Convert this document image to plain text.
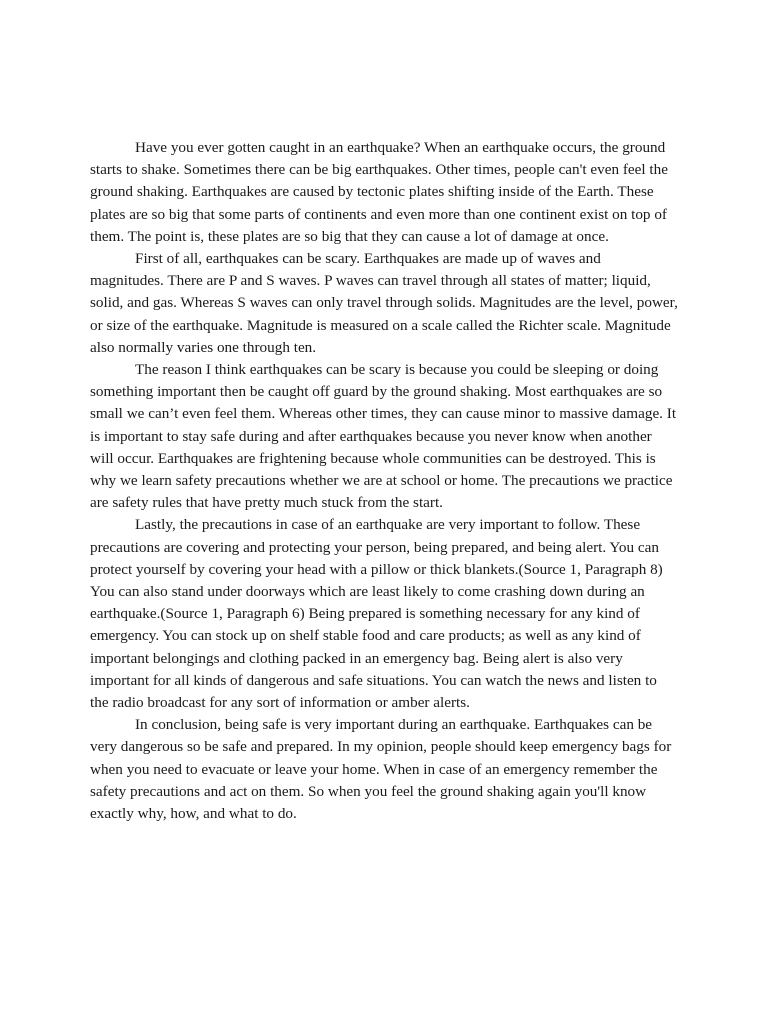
Have you ever gotten caught in an earthquake? When an earthquake occurs, the ground starts to shake. Sometimes there can be big earthquakes. Other times, people can't even feel the ground shaking. Earthquakes are caused by tectonic plates shifting inside of the Earth. These plates are so big that some parts of continents and even more than one continent exist on top of them. The point is, these plates are so big that they can cause a lot of damage at once.

First of all, earthquakes can be scary. Earthquakes are made up of waves and magnitudes. There are P and S waves. P waves can travel through all states of matter; liquid, solid, and gas. Whereas S waves can only travel through solids. Magnitudes are the level, power, or size of the earthquake. Magnitude is measured on a scale called the Richter scale. Magnitude also normally varies one through ten.

The reason I think earthquakes can be scary is because you could be sleeping or doing something important then be caught off guard by the ground shaking. Most earthquakes are so small we can’t even feel them. Whereas other times, they can cause minor to massive damage. It is important to stay safe during and after earthquakes because you never know when another will occur. Earthquakes are frightening because whole communities can be destroyed. This is why we learn safety precautions whether we are at school or home. The precautions we practice are safety rules that have pretty much stuck from the start.

Lastly, the precautions in case of an earthquake are very important to follow. These precautions are covering and protecting your person, being prepared, and being alert. You can protect yourself by covering your head with a pillow or thick blankets.(Source 1, Paragraph 8) You can also stand under doorways which are least likely to come crashing down during an earthquake.(Source 1, Paragraph 6) Being prepared is something necessary for any kind of emergency. You can stock up on shelf stable food and care products; as well as any kind of important belongings and clothing packed in an emergency bag. Being alert is also very important for all kinds of dangerous and safe situations. You can watch the news and listen to the radio broadcast for any sort of information or amber alerts.

In conclusion, being safe is very important during an earthquake. Earthquakes can be very dangerous so be safe and prepared. In my opinion, people should keep emergency bags for when you need to evacuate or leave your home. When in case of an emergency remember the safety precautions and act on them. So when you feel the ground shaking again you'll know exactly why, how, and what to do.
